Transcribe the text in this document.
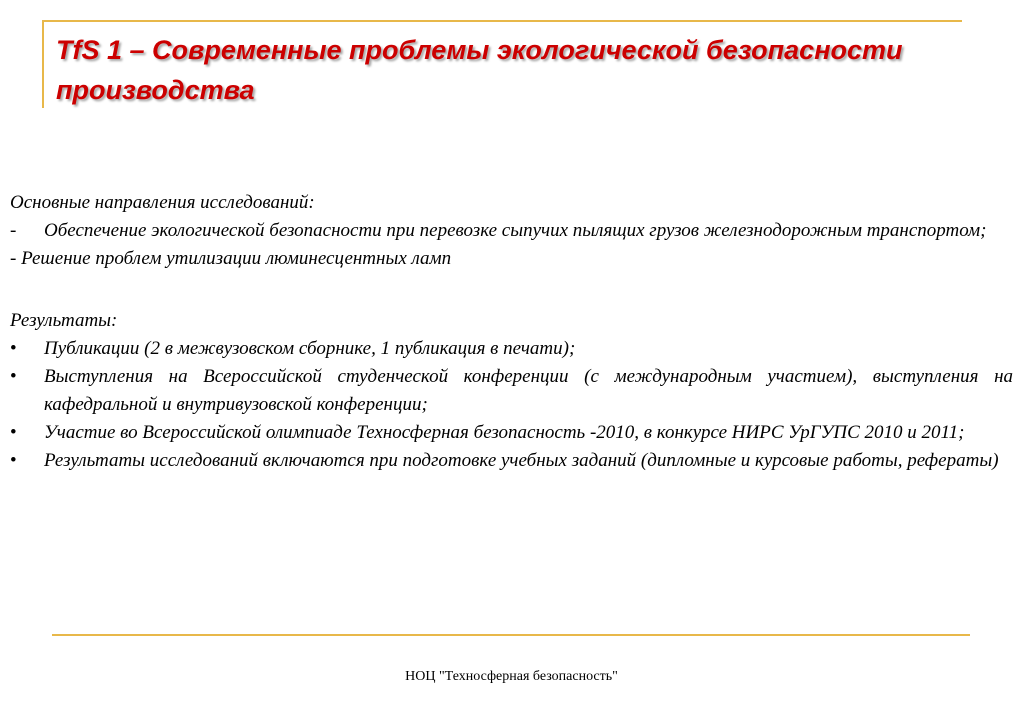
TfS 1 – Современные проблемы экологической безопасности производства

Основные направления исследований:

-	Обеспечение экологической безопасности при перевозке сыпучих пылящих грузов железнодорожным транспортом;

- Решение проблем утилизации люминесцентных ламп

Результаты:

•	Публикации (2 в межвузовском сборнике, 1 публикация в печати);
•	Выступления на Всероссийской студенческой конференции (с международным участием), выступления на кафедральной и внутривузовской конференции;
•	Участие во Всероссийской олимпиаде Техносферная безопасность -2010, в конкурсе НИРС УрГУПС 2010 и 2011;
•	Результаты исследований включаются при подготовке учебных заданий (дипломные и курсовые работы, рефераты)
НОЦ "Техносферная безопасность"
